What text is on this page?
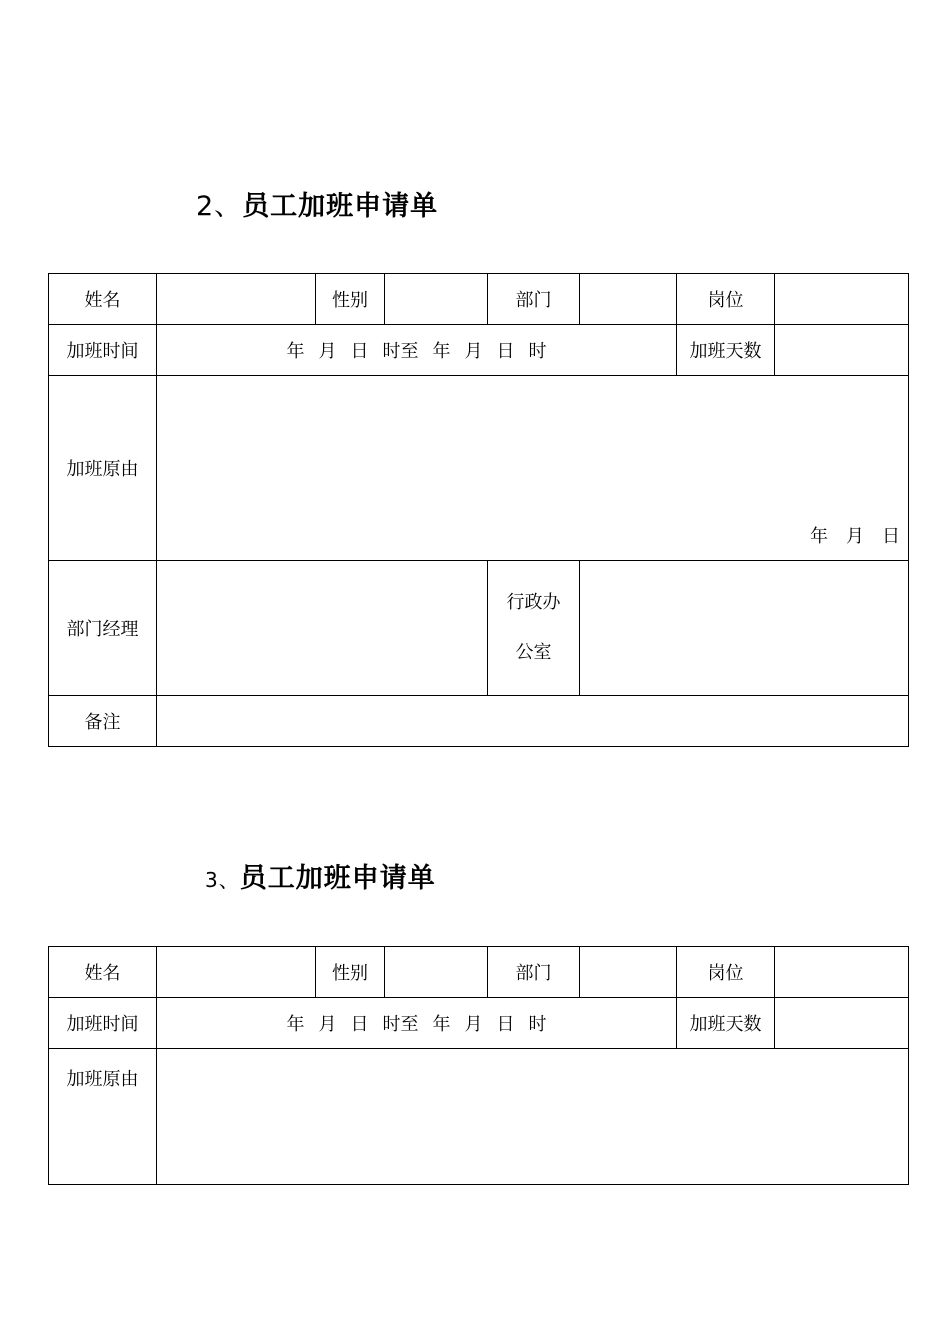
2、员工加班申请单
姓名		性别		部门		岗位	
加班时间	年 月 日 时至 年 月 日 时					加班天数	
加班原由	年 月 日						

部门经理				行政办
公室			

备注							
3、员工加班申请单
姓名		性别		部门		岗位	
加班时间	年 月 日 时至 年 月 日 时					加班天数	
加班原由							
